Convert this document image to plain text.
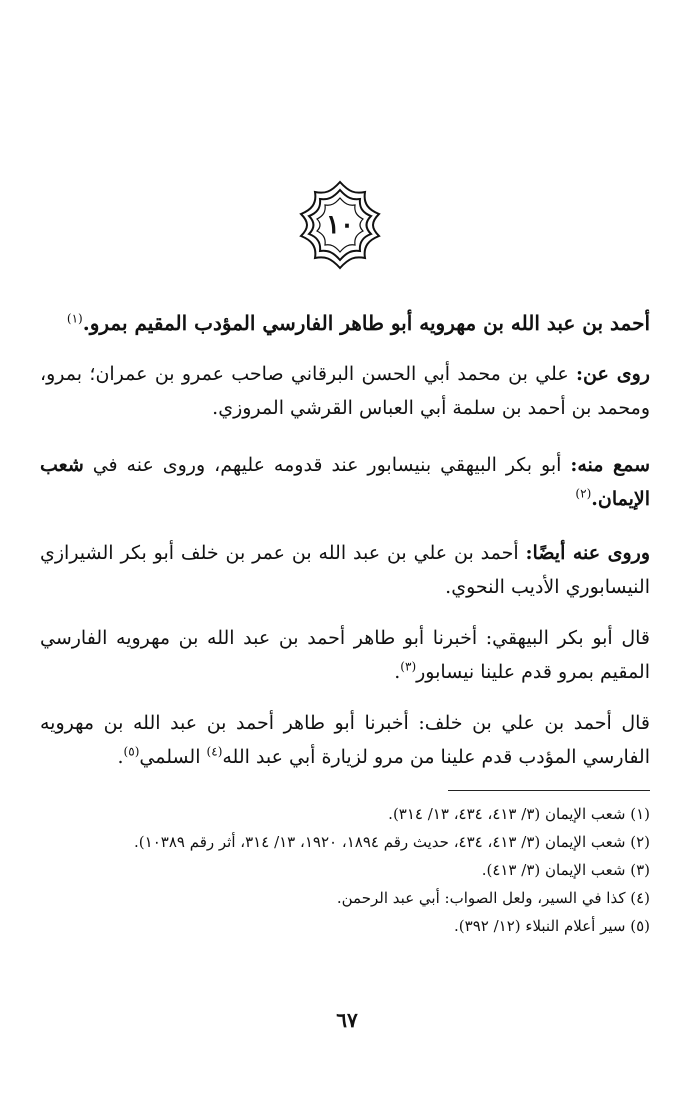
١٠
أحمد بن عبد الله بن مهرويه أبو طاهر الفارسي المؤدب المقيم بمرو.$^{(١)}$
روى عن: علي بن محمد أبي الحسن البرقاني صاحب عمرو بن عمران؛ بمرو، ومحمد بن أحمد بن سلمة أبي العباس القرشي المروزي.
سمع منه: أبو بكر البيهقي بنيسابور عند قدومه عليهم، وروى عنه في شعب الإيمان.$^{(٢)}$
وروى عنه أيضًا: أحمد بن علي بن عبد الله بن عمر بن خلف أبو بكر الشيرازي النيسابوري الأديب النحوي.
قال أبو بكر البيهقي: أخبرنا أبو طاهر أحمد بن عبد الله بن مهرويه الفارسي المقيم بمرو قدم علينا نيسابور$^{(٣)}$.
قال أحمد بن علي بن خلف: أخبرنا أبو طاهر أحمد بن عبد الله بن مهرويه الفارسي المؤدب قدم علينا من مرو لزيارة أبي عبد الله$^{(٤)}$ السلمي$^{(٥)}$.

(١) شعب الإيمان (٣/ ٤١٣، ٤٣٤، ١٣/ ٣١٤).

(٢) شعب الإيمان (٣/ ٤١٣، ٤٣٤، حديث رقم ١٨٩٤، ١٩٢٠، ١٣/ ٣١٤، أثر رقم ١٠٣٨٩).

(٣) شعب الإيمان (٣/ ٤١٣).

(٤) كذا في السير، ولعل الصواب: أبي عبد الرحمن.

(٥) سير أعلام النبلاء (١٢/ ٣٩٢).

٦٧
